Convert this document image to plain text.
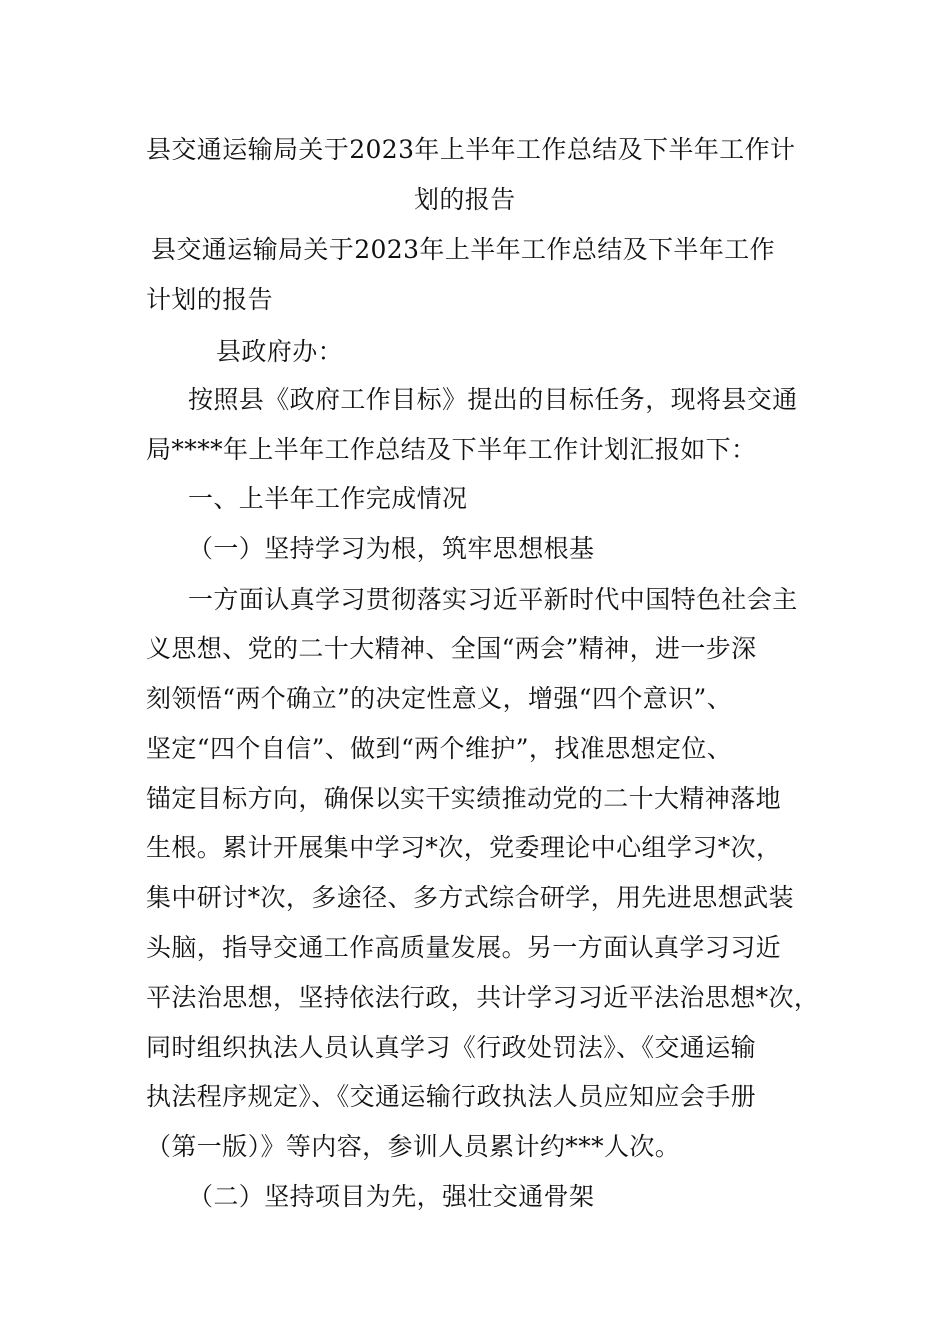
县交通运输局关于2023年上半年工作总结及下半年工作计
划的报告
县交通运输局关于2023年上半年工作总结及下半年工作
计划的报告
县政府办：
按照县《政府工作目标》提出的目标任务，现将县交通
局****年上半年工作总结及下半年工作计划汇报如下：
一、上半年工作完成情况
（一）坚持学习为根，筑牢思想根基
一方面认真学习贯彻落实习近平新时代中国特色社会主
义思想、党的二十大精神、全国“两会”精神，进一步深
刻领悟“两个确立”的决定性意义，增强“四个意识”、
坚定“四个自信”、做到“两个维护”，找准思想定位、
锚定目标方向，确保以实干实绩推动党的二十大精神落地
生根。累计开展集中学习*次，党委理论中心组学习*次，
集中研讨*次，多途径、多方式综合研学，用先进思想武装
头脑，指导交通工作高质量发展。另一方面认真学习习近
平法治思想，坚持依法行政，共计学习习近平法治思想*次，
同时组织执法人员认真学习《行政处罚法》、《交通运输
执法程序规定》、《交通运输行政执法人员应知应会手册
（第一版）》等内容，参训人员累计约***人次。
（二）坚持项目为先，强壮交通骨架
